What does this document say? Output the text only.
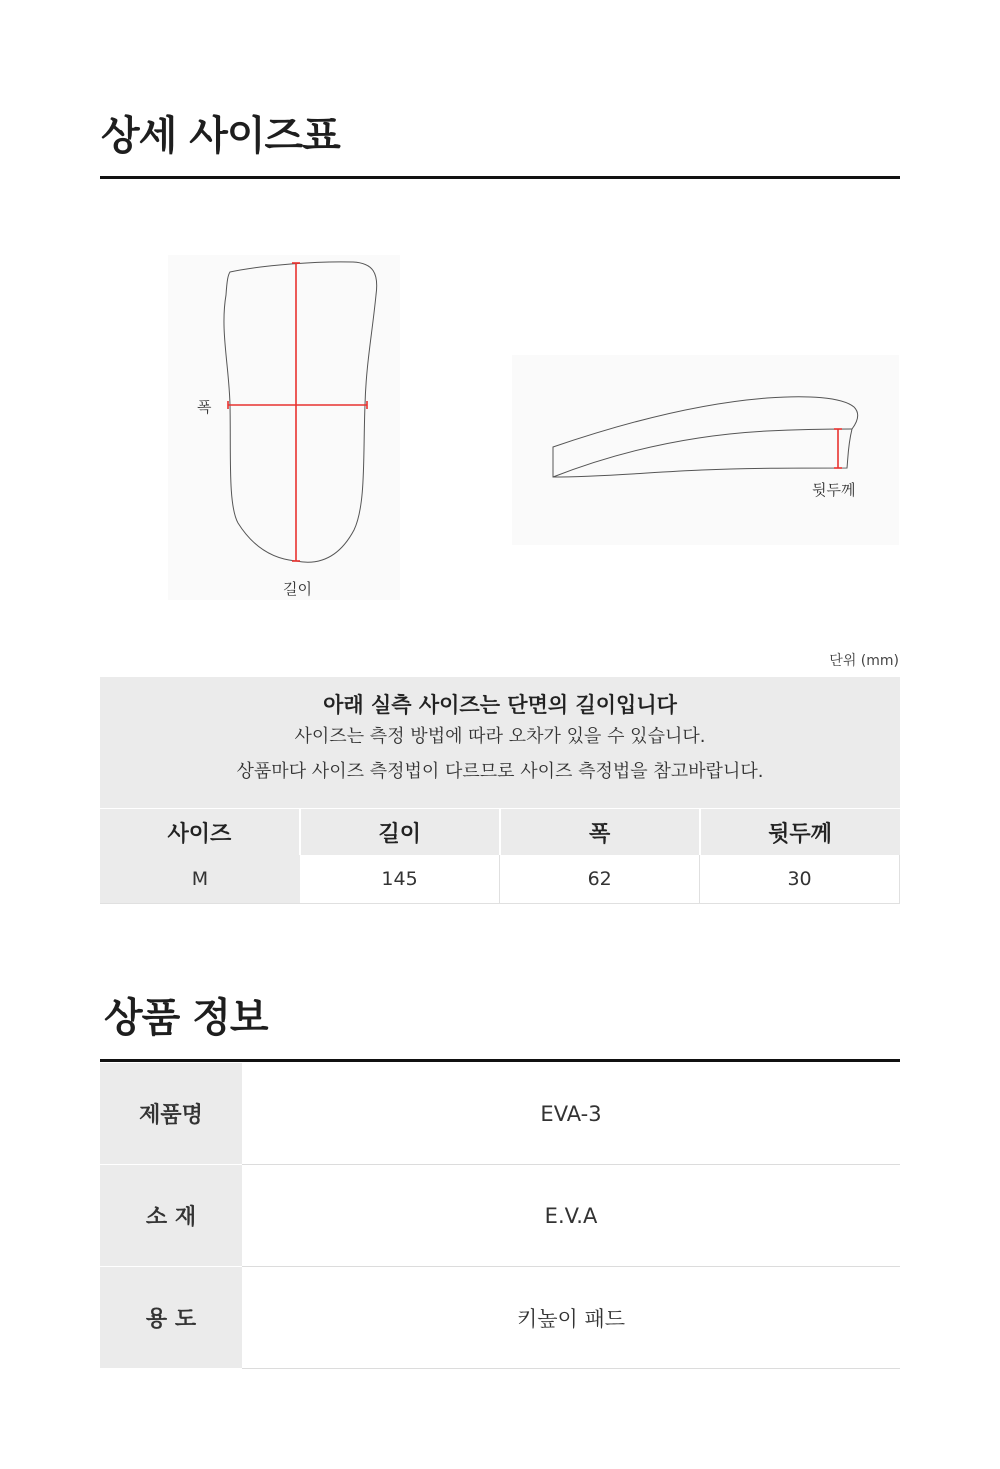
상세 사이즈표
폭
길이
뒷두께
단위 (mm)
아래 실측 사이즈는 단면의 길이입니다
사이즈는 측정 방법에 따라 오차가 있을 수 있습니다.
상품마다 사이즈 측정법이 다르므로 사이즈 측정법을 참고바랍니다.
사이즈	길이	폭	뒷두께
M	145	62	30
상품 정보
제품명	EVA-3
소 재	E.V.A
용 도	키높이 패드
